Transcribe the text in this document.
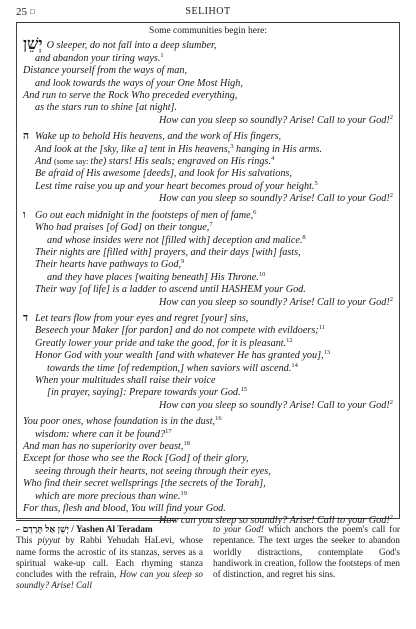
25 □	SELIHOT
Some communities begin here:
יְשֵׁן O sleeper, do not fall into a deep slumber,
and abandon your tiring ways.$^1$
Distance yourself from the ways of man,
and look towards the ways of your One Most High,
And run to serve the Rock Who preceded everything,
as the stars run to shine [at night].
How can you sleep so soundly? Arise! Call to your God!$^2$
ה Wake up to behold His heavens, and the work of His fingers,
And look at the [sky, like a] tent in His heavens,$^3$ hanging in His arms.
And (some say: the) stars! His seals; engraved on His rings.$^4$
Be afraid of His awesome [deeds], and look for His salvations,
Lest time raise you up and your heart becomes proud of your height.$^5$
How can you sleep so soundly? Arise! Call to your God!$^2$
ו Go out each midnight in the footsteps of men of fame,$^6$
Who had praises [of God] on their tongue,$^7$
and whose insides were not [filled with] deception and malice.$^8$
Their nights are [filled with] prayers, and their days [with] fasts,
Their hearts have pathways to God,$^9$
and they have places [waiting beneath] His Throne.$^{10}$
Their way [of life] is a ladder to ascend until HASHEM your God.
How can you sleep so soundly? Arise! Call to your God!$^2$
ד Let tears flow from your eyes and regret [your] sins,
Beseech your Maker [for pardon] and do not compete with evildoers;$^{11}$
Greatly lower your pride and take the good, for it is pleasant.$^{12}$
Honor God with your wealth [and with whatever He has granted you],$^{13}$
towards the time [of redemption,] when saviors will ascend.$^{14}$
When your multitudes shall raise their voice
[in prayer, saying]: Prepare towards your God.$^{15}$
How can you sleep so soundly? Arise! Call to your God!$^2$
You poor ones, whose foundation is in the dust,$^{16}$
wisdom: where can it be found?$^{17}$
And man has no superiority over beast,$^{18}$
Except for those who see the Rock [God] of their glory,
seeing through their hearts, not seeing through their eyes,
Who find their secret wellsprings [the secrets of the Torah],
which are more precious than wine.$^{19}$
For thus, flesh and blood, You will find your God.
How can you sleep so soundly? Arise! Call to your God!$^2$
⌐ יְשֵׁן אַל תֵּרָדֵם / Yashen Al Teradam
This piyyut by Rabbi Yehudah HaLevi, whose name forms the acrostic of its stanzas, serves as a spiritual wake-up call. Each rhyming stanza concludes with the refrain, How can you sleep so soundly? Arise! Call
to your God! which anchors the poem's call for repentance. The text urges the seeker to abandon worldly distractions, contemplate God's handiwork in creation, follow the footsteps of men of distinction, and regret his sins.
